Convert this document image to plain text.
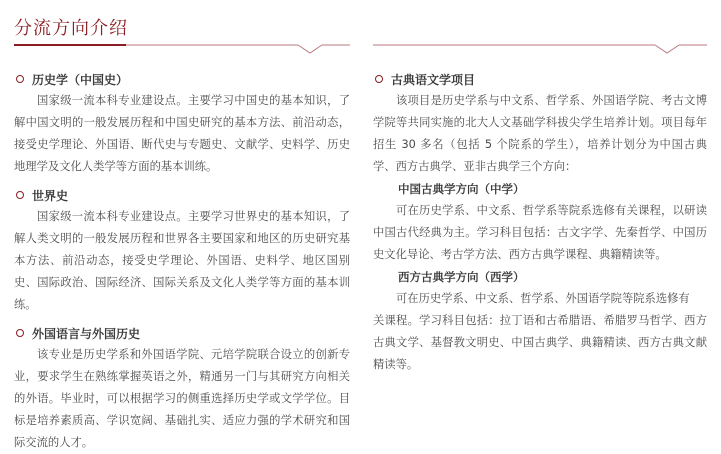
分流方向介绍
历史学（中国史）

国家级一流本科专业建设点。主要学习中国史的基本知识，了解中国文明的一般发展历程和中国史研究的基本方法、前沿动态，接受史学理论、外国语、断代史与专题史、文献学、史料学、历史地理学及文化人类学等方面的基本训练。

世界史

国家级一流本科专业建设点。主要学习世界史的基本知识，了解人类文明的一般发展历程和世界各主要国家和地区的历史研究基本方法、前沿动态，接受史学理论、外国语、史料学、地区国别史、国际政治、国际经济、国际关系及文化人类学等方面的基本训练。

外国语言与外国历史

该专业是历史学系和外国语学院、元培学院联合设立的创新专业，要求学生在熟练掌握英语之外，精通另一门与其研究方向相关的外语。毕业时，可以根据学习的侧重选择历史学或文学学位。目标是培养素质高、学识宽阔、基础扎实、适应力强的学术研究和国际交流的人才。

古典语文学项目

该项目是历史学系与中文系、哲学系、外国语学院、考古文博学院等共同实施的北大人文基础学科拔尖学生培养计划。项目每年招生 30 多名（包括 5 个院系的学生），培养计划分为中国古典学、西方古典学、亚非古典学三个方向：

中国古典学方向（中学）

可在历史学系、中文系、哲学系等院系选修有关课程，以研读中国古代经典为主。学习科目包括：古文字学、先秦哲学、中国历史文化导论、考古学方法、西方古典学课程、典籍精读等。

西方古典学方向（西学）

可在历史学系、中文系、哲学系、外国语学院等院系选修有

关课程。学习科目包括：拉丁语和古希腊语、希腊罗马哲学、西方古典文学、基督教文明史、中国古典学、典籍精读、西方古典文献精读等。
